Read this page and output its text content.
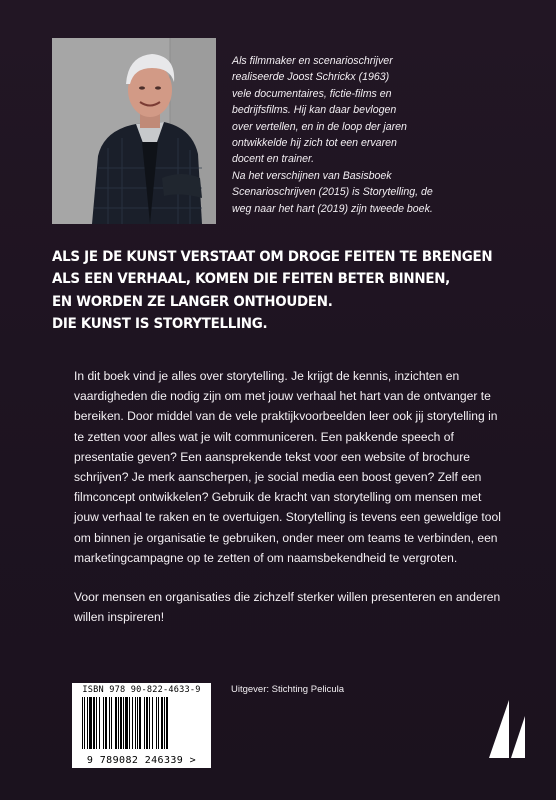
Als filmmaker en scenarioschrijver

realiseerde Joost Schrickx (1963)

vele documentaires, fictie-films en

bedrijfsfilms. Hij kan daar bevlogen

over vertellen, en in de loop der jaren

ontwikkelde hij zich tot een ervaren

docent en trainer.

Na het verschijnen van Basisboek

Scenarioschrijven (2015) is Storytelling, de

weg naar het hart (2019) zijn tweede boek.

ALS JE DE KUNST VERSTAAT OM DROGE FEITEN TE BRENGEN
ALS EEN VERHAAL, KOMEN DIE FEITEN BETER BINNEN,
EN WORDEN ZE LANGER ONTHOUDEN.
DIE KUNST IS STORYTELLING.

In dit boek vind je alles over storytelling. Je krijgt de kennis, inzichten en vaardigheden die nodig zijn om met jouw verhaal het hart van de ontvanger te bereiken. Door middel van de vele praktijkvoorbeelden leer ook jij storytelling in te zetten voor alles wat je wilt communiceren. Een pakkende speech of presentatie geven? Een aansprekende tekst voor een website of brochure schrijven? Je merk aanscherpen, je social media een boost geven? Zelf een filmconcept ontwikkelen? Gebruik de kracht van storytelling om mensen met jouw verhaal te raken en te overtuigen. Storytelling is tevens een geweldige tool om binnen je organisatie te gebruiken, onder meer om teams te verbinden, een marketingcampagne op te zetten of om naamsbekendheid te vergroten.

Voor mensen en organisaties die zichzelf sterker willen presenteren en anderen willen inspireren!

ISBN 978 90-822-4633-9
9 789082 246339 >
Uitgever: Stichting Pelicula
